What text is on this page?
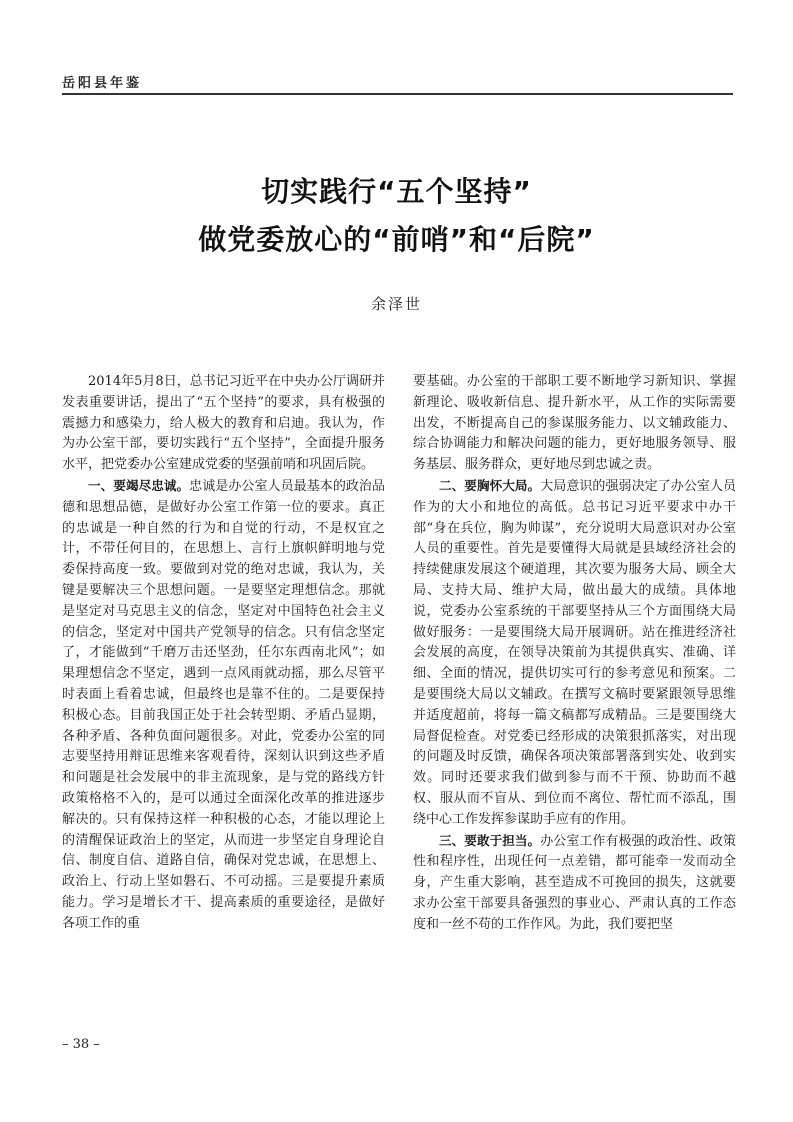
岳阳县年鉴
切实践行“五个坚持”
做党委放心的“前哨”和“后院”
余泽世

2014年5月8日，总书记习近平在中央办公厅调研并发表重要讲话，提出了“五个坚持”的要求，具有极强的震撼力和感染力，给人极大的教育和启迪。我认为，作为办公室干部，要切实践行“五个坚持”，全面提升服务水平，把党委办公室建成党委的坚强前哨和巩固后院。

一、要竭尽忠诚。忠诚是办公室人员最基本的政治品德和思想品德，是做好办公室工作第一位的要求。真正的忠诚是一种自然的行为和自觉的行动，不是权宜之计，不带任何目的，在思想上、言行上旗帜鲜明地与党委保持高度一致。要做到对党的绝对忠诚，我认为，关键是要解决三个思想问题。一是要坚定理想信念。那就是坚定对马克思主义的信念，坚定对中国特色社会主义的信念，坚定对中国共产党领导的信念。只有信念坚定了，才能做到“千磨万击还坚劲，任尔东西南北风”；如果理想信念不坚定，遇到一点风雨就动摇，那么尽管平时表面上看着忠诚，但最终也是靠不住的。二是要保持积极心态。目前我国正处于社会转型期、矛盾凸显期，各种矛盾、各种负面问题很多。对此，党委办公室的同志要坚持用辩证思维来客观看待，深刻认识到这些矛盾和问题是社会发展中的非主流现象，是与党的路线方针政策格格不入的，是可以通过全面深化改革的推进逐步解决的。只有保持这样一种积极的心态，才能以理论上的清醒保证政治上的坚定，从而进一步坚定自身理论自信、制度自信、道路自信，确保对党忠诚，在思想上、政治上、行动上坚如磐石、不可动摇。三是要提升素质能力。学习是增长才干、提高素质的重要途径，是做好各项工作的重

要基础。办公室的干部职工要不断地学习新知识、掌握新理论、吸收新信息、提升新水平，从工作的实际需要出发，不断提高自己的参谋服务能力、以文辅政能力、综合协调能力和解决问题的能力，更好地服务领导、服务基层、服务群众，更好地尽到忠诚之责。

二、要胸怀大局。大局意识的强弱决定了办公室人员作为的大小和地位的高低。总书记习近平要求中办干部“身在兵位，胸为帅谋”，充分说明大局意识对办公室人员的重要性。首先是要懂得大局就是县域经济社会的持续健康发展这个硬道理，其次要为服务大局、顾全大局、支持大局、维护大局，做出最大的成绩。具体地说，党委办公室系统的干部要坚持从三个方面围绕大局做好服务：一是要围绕大局开展调研。站在推进经济社会发展的高度，在领导决策前为其提供真实、准确、详细、全面的情况，提供切实可行的参考意见和预案。二是要围绕大局以文辅政。在撰写文稿时要紧跟领导思维并适度超前，将每一篇文稿都写成精品。三是要围绕大局督促检查。对党委已经形成的决策狠抓落实，对出现的问题及时反馈，确保各项决策部署落到实处、收到实效。同时还要求我们做到参与而不干预、协助而不越权、服从而不盲从、到位而不离位、帮忙而不添乱，围绕中心工作发挥参谋助手应有的作用。

三、要敢于担当。办公室工作有极强的政治性、政策性和程序性，出现任何一点差错，都可能牵一发而动全身，产生重大影响，甚至造成不可挽回的损失，这就要求办公室干部要具备强烈的事业心、严肃认真的工作态度和一丝不苟的工作作风。为此，我们要把坚

– 38 –
